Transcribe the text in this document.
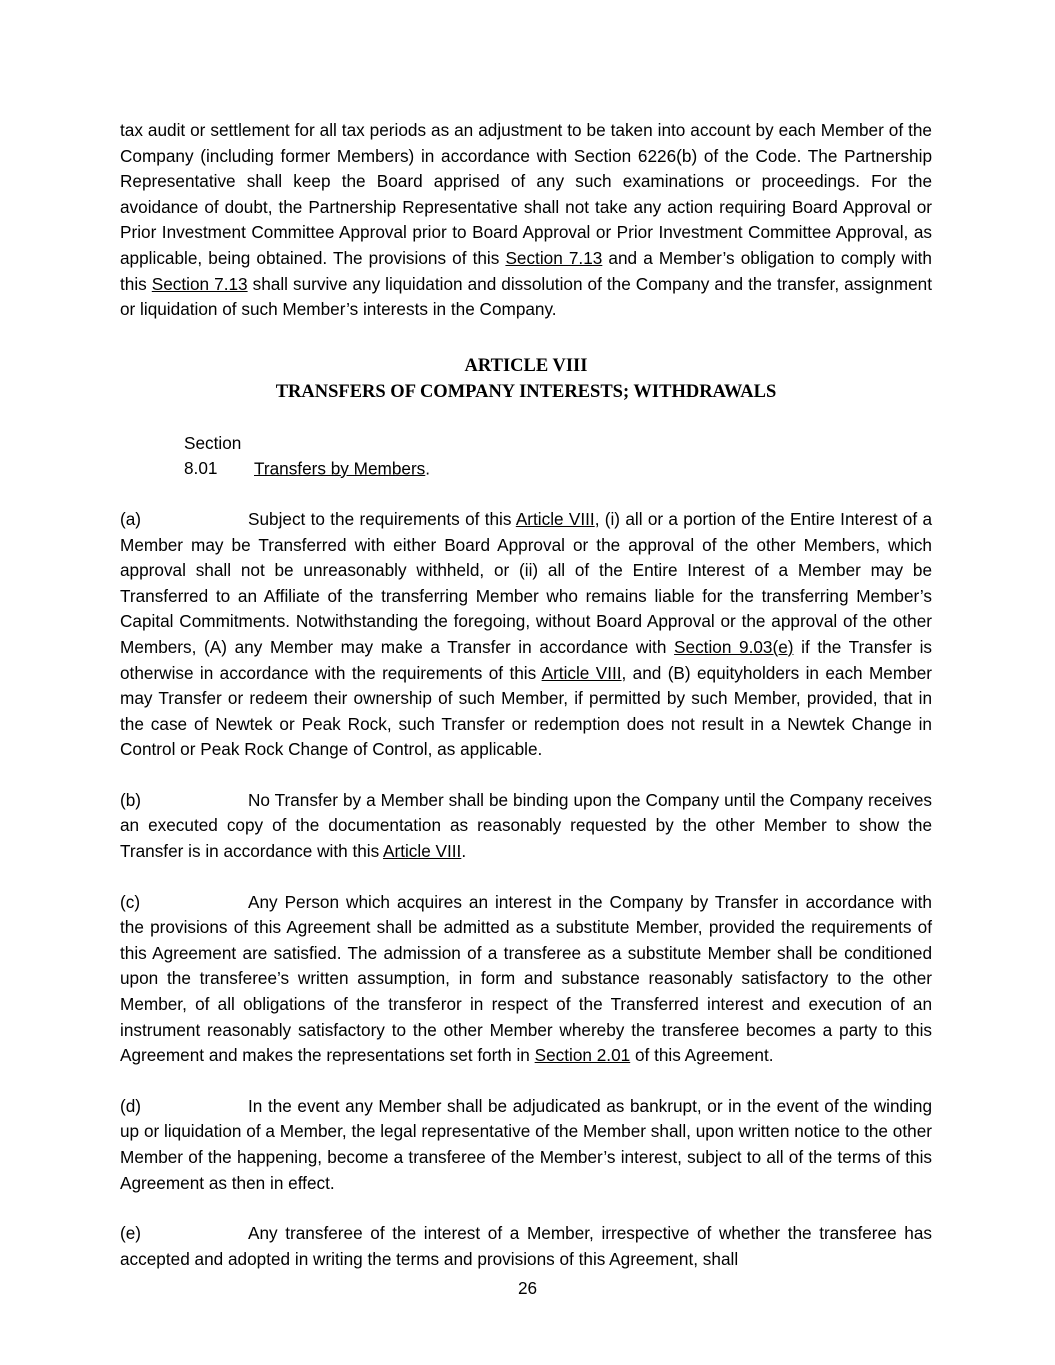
tax audit or settlement for all tax periods as an adjustment to be taken into account by each Member of the Company (including former Members) in accordance with Section 6226(b) of the Code. The Partnership Representative shall keep the Board apprised of any such examinations or proceedings. For the avoidance of doubt, the Partnership Representative shall not take any action requiring Board Approval or Prior Investment Committee Approval prior to Board Approval or Prior Investment Committee Approval, as applicable, being obtained. The provisions of this Section 7.13 and a Member’s obligation to comply with this Section 7.13 shall survive any liquidation and dissolution of the Company and the transfer, assignment or liquidation of such Member’s interests in the Company.

ARTICLE VIII
TRANSFERS OF COMPANY INTERESTS; WITHDRAWALS

Section 8.01 Transfers by Members.

(a)	Subject to the requirements of this Article VIII, (i) all or a portion of the Entire Interest of a Member may be Transferred with either Board Approval or the approval of the other Members, which approval shall not be unreasonably withheld, or (ii) all of the Entire Interest of a Member may be Transferred to an Affiliate of the transferring Member who remains liable for the transferring Member’s Capital Commitments. Notwithstanding the foregoing, without Board Approval or the approval of the other Members, (A) any Member may make a Transfer in accordance with Section 9.03(e) if the Transfer is otherwise in accordance with the requirements of this Article VIII, and (B) equityholders in each Member may Transfer or redeem their ownership of such Member, if permitted by such Member, provided, that in the case of Newtek or Peak Rock, such Transfer or redemption does not result in a Newtek Change in Control or Peak Rock Change of Control, as applicable.

(b)	No Transfer by a Member shall be binding upon the Company until the Company receives an executed copy of the documentation as reasonably requested by the other Member to show the Transfer is in accordance with this Article VIII.

(c)	Any Person which acquires an interest in the Company by Transfer in accordance with the provisions of this Agreement shall be admitted as a substitute Member, provided the requirements of this Agreement are satisfied. The admission of a transferee as a substitute Member shall be conditioned upon the transferee’s written assumption, in form and substance reasonably satisfactory to the other Member, of all obligations of the transferor in respect of the Transferred interest and execution of an instrument reasonably satisfactory to the other Member whereby the transferee becomes a party to this Agreement and makes the representations set forth in Section 2.01 of this Agreement.

(d)	In the event any Member shall be adjudicated as bankrupt, or in the event of the winding up or liquidation of a Member, the legal representative of the Member shall, upon written notice to the other Member of the happening, become a transferee of the Member’s interest, subject to all of the terms of this Agreement as then in effect.

(e)	Any transferee of the interest of a Member, irrespective of whether the transferee has accepted and adopted in writing the terms and provisions of this Agreement, shall

26
